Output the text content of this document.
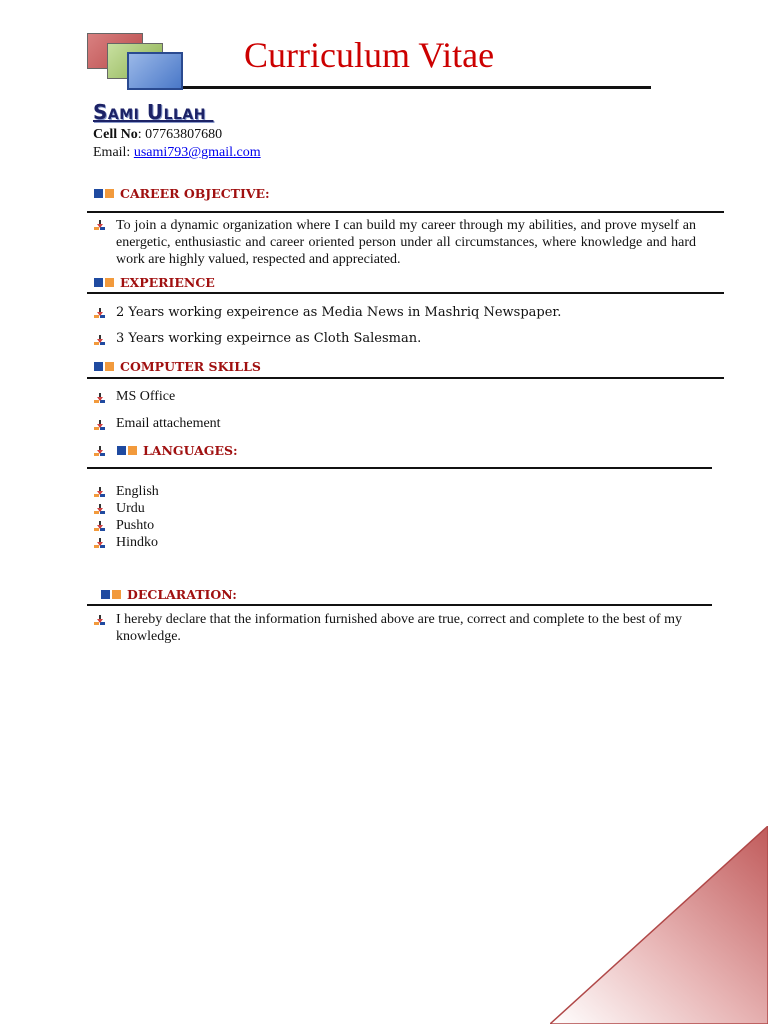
Curriculum Vitae
Sami Ullah
Cell No: 07763807680
Email: usami793@gmail.com
CAREER OBJECTIVE:
To join a dynamic organization where I can build my career through my abilities, and prove myself an energetic, enthusiastic and career oriented person under all circumstances, where knowledge and hard work are highly valued, respected and appreciated.
EXPERIENCE
2 Years working expeirence as Media News in Mashriq Newspaper.
3 Years working expeirnce as Cloth Salesman.
COMPUTER SKILLS
MS Office
Email attachement
LANGUAGES:
English
Urdu
Pushto
Hindko
DECLARATION:
I hereby declare that the information furnished above are true, correct and complete to the best of my knowledge.
